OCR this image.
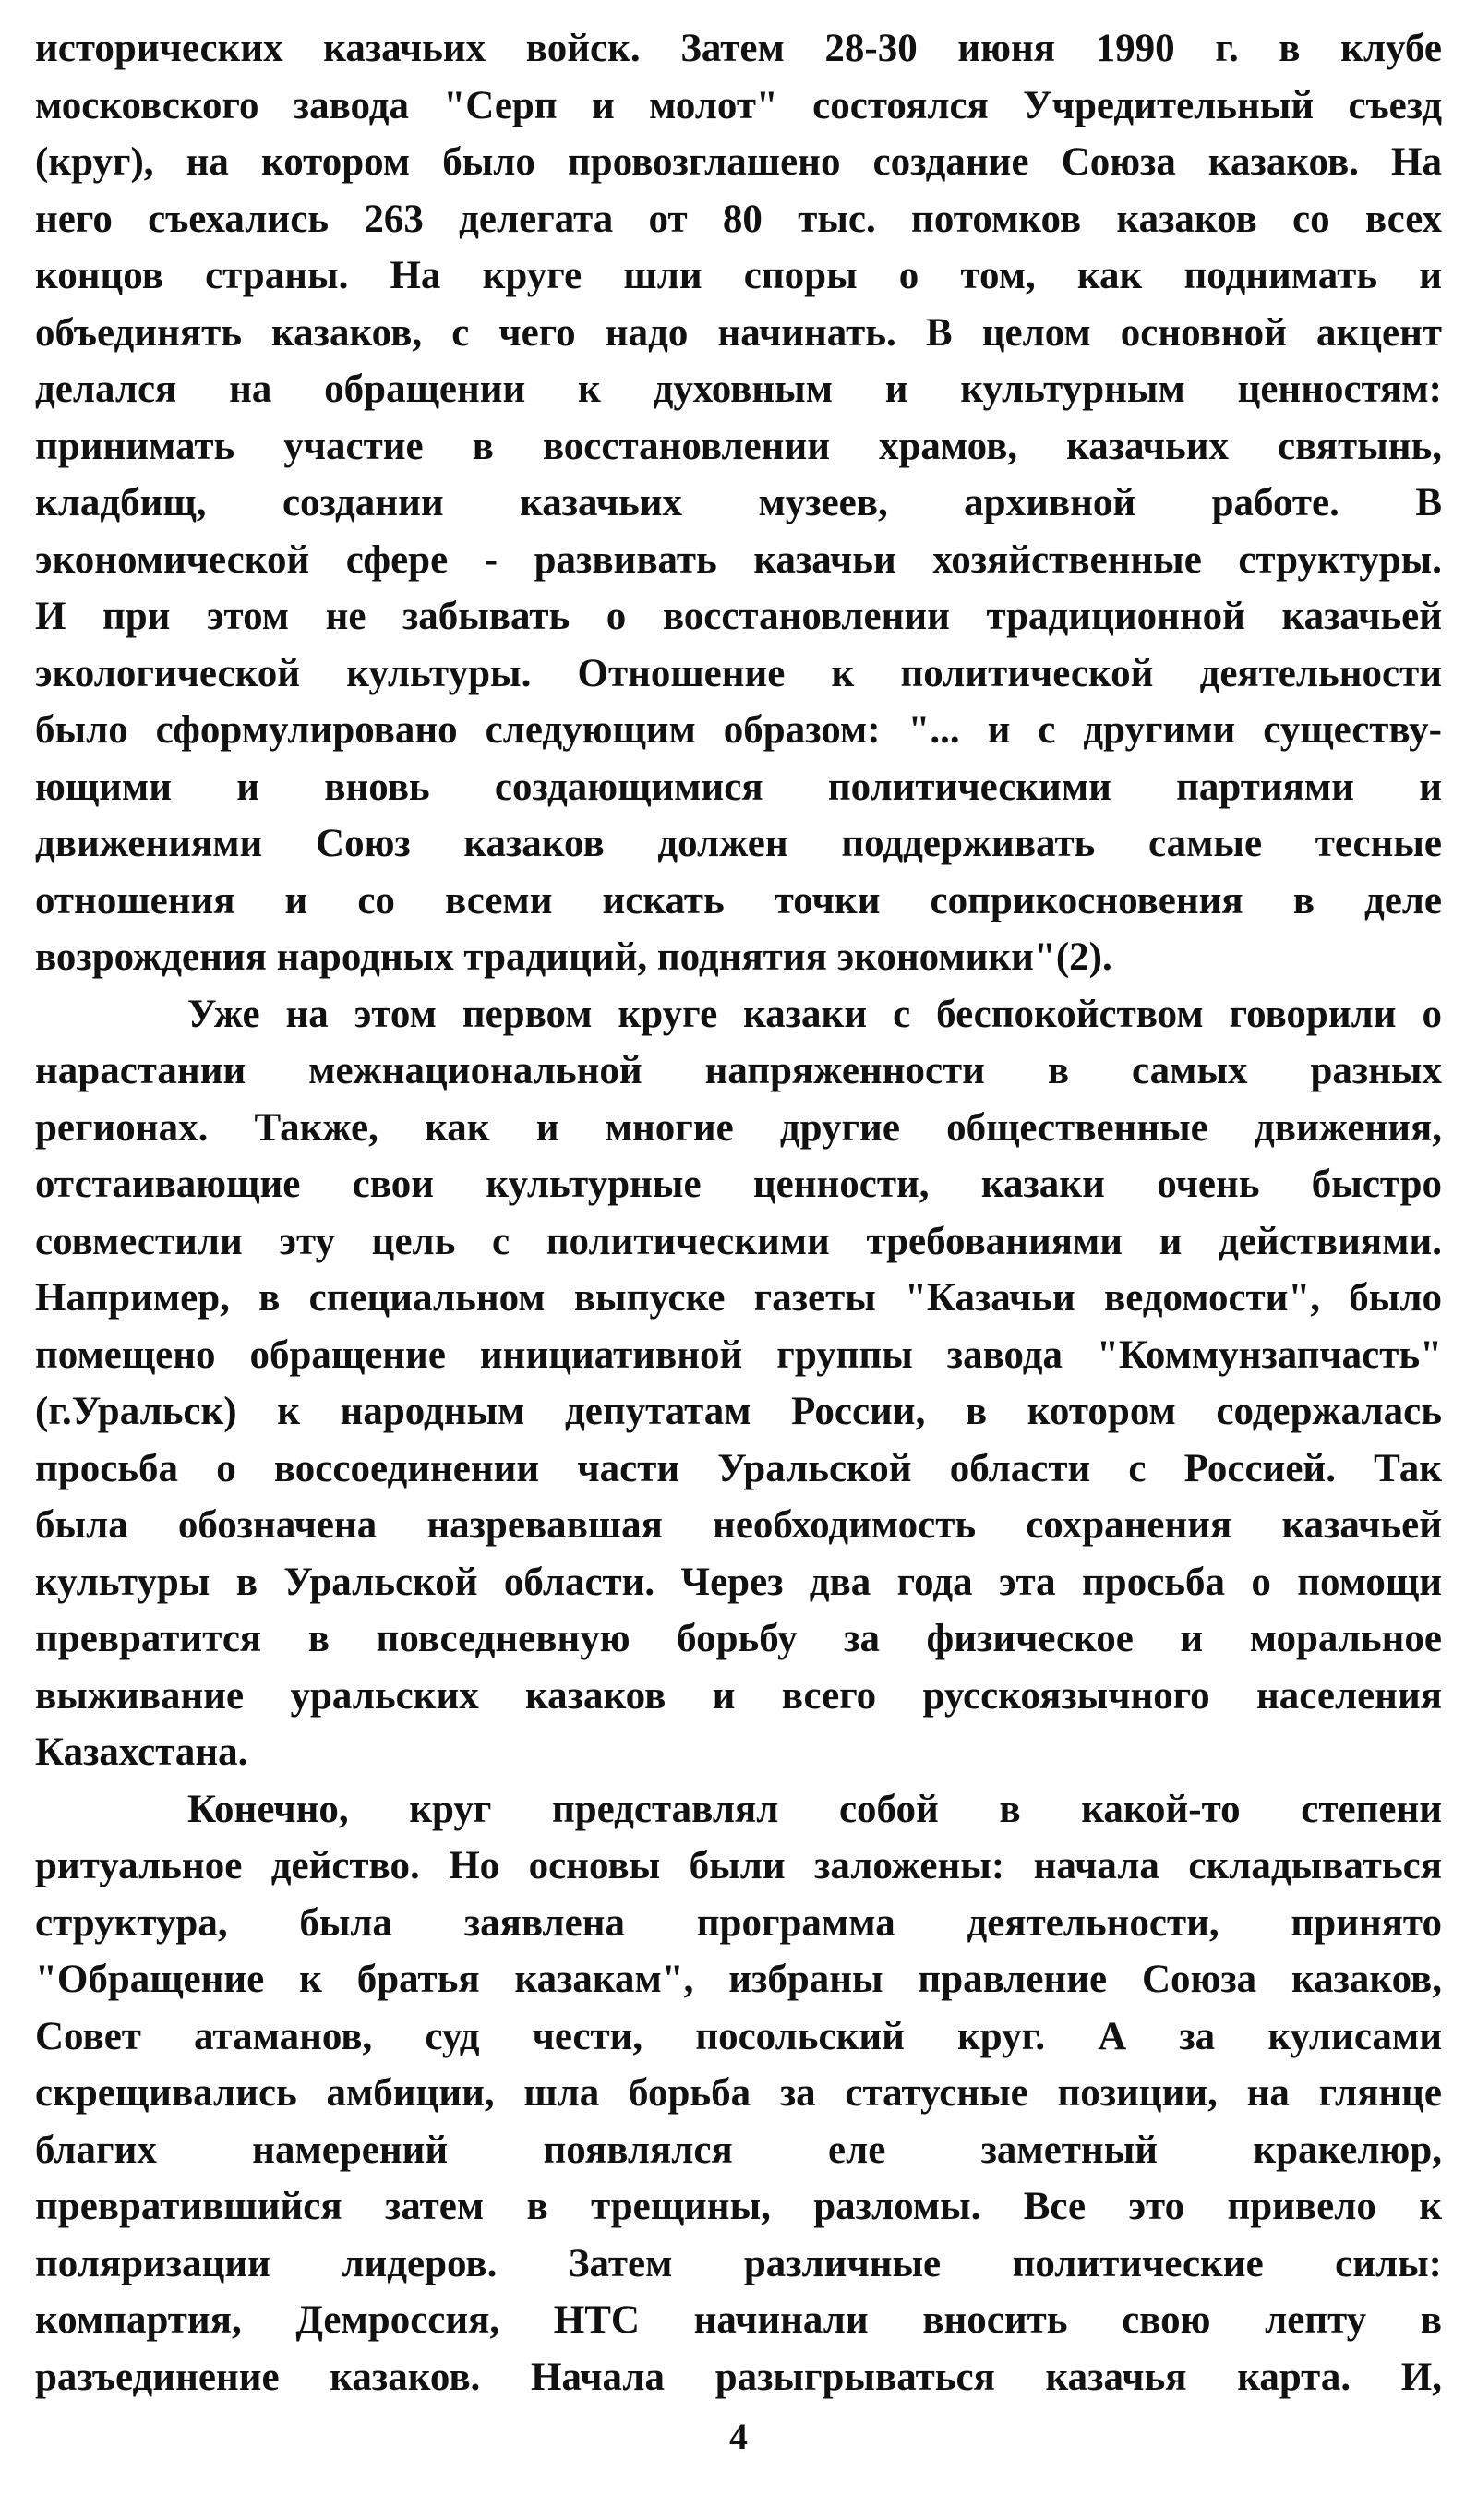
исторических казачьих войск. Затем 28-30 июня 1990 г. в клубе
московского завода "Серп и молот" состоялся Учредительный съезд
(круг), на котором было провозглашено создание Союза казаков. На
него съехались 263 делегата от 80 тыс. потомков казаков со всех
концов страны. На круге шли споры о том, как поднимать и
объединять казаков, с чего надо начинать. В целом основной акцент
делался на обращении к духовным и культурным ценностям:
принимать участие в восстановлении храмов, казачьих святынь,
кладбищ, создании казачьих музеев, архивной работе. В
экономической сфере - развивать казачьи хозяйственные структуры.
И при этом не забывать о восстановлении традиционной казачьей
экологической культуры. Отношение к политической деятельности
было сформулировано следующим образом: "... и с другими существу-
ющими и вновь создающимися политическими партиями и
движениями Союз казаков должен поддерживать самые тесные
отношения и со всеми искать точки соприкосновения в деле
возрождения народных традиций, поднятия экономики"(2).
Уже на этом первом круге казаки с беспокойством говорили о
нарастании межнациональной напряженности в самых разных
регионах. Также, как и многие другие общественные движения,
отстаивающие свои культурные ценности, казаки очень быстро
совместили эту цель с политическими требованиями и действиями.
Например, в специальном выпуске газеты "Казачьи ведомости", было
помещено обращение инициативной группы завода "Коммунзапчасть"
(г.Уральск) к народным депутатам России, в котором содержалась
просьба о воссоединении части Уральской области с Россией. Так
была обозначена назревавшая необходимость сохранения казачьей
культуры в Уральской области. Через два года эта просьба о помощи
превратится в повседневную борьбу за физическое и моральное
выживание уральских казаков и всего русскоязычного населения
Казахстана.
Конечно, круг представлял собой в какой-то степени
ритуальное действо. Но основы были заложены: начала складываться
структура, была заявлена программа деятельности, принято
"Обращение к братья казакам", избраны правление Союза казаков,
Совет атаманов, суд чести, посольский круг. А за кулисами
скрещивались амбиции, шла борьба за статусные позиции, на глянце
благих намерений появлялся еле заметный кракелюр,
превратившийся затем в трещины, разломы. Все это привело к
поляризации лидеров. Затем различные политические силы:
компартия, Демроссия, НТС начинали вносить свою лепту в
разъединение казаков. Начала разыгрываться казачья карта. И,
4
